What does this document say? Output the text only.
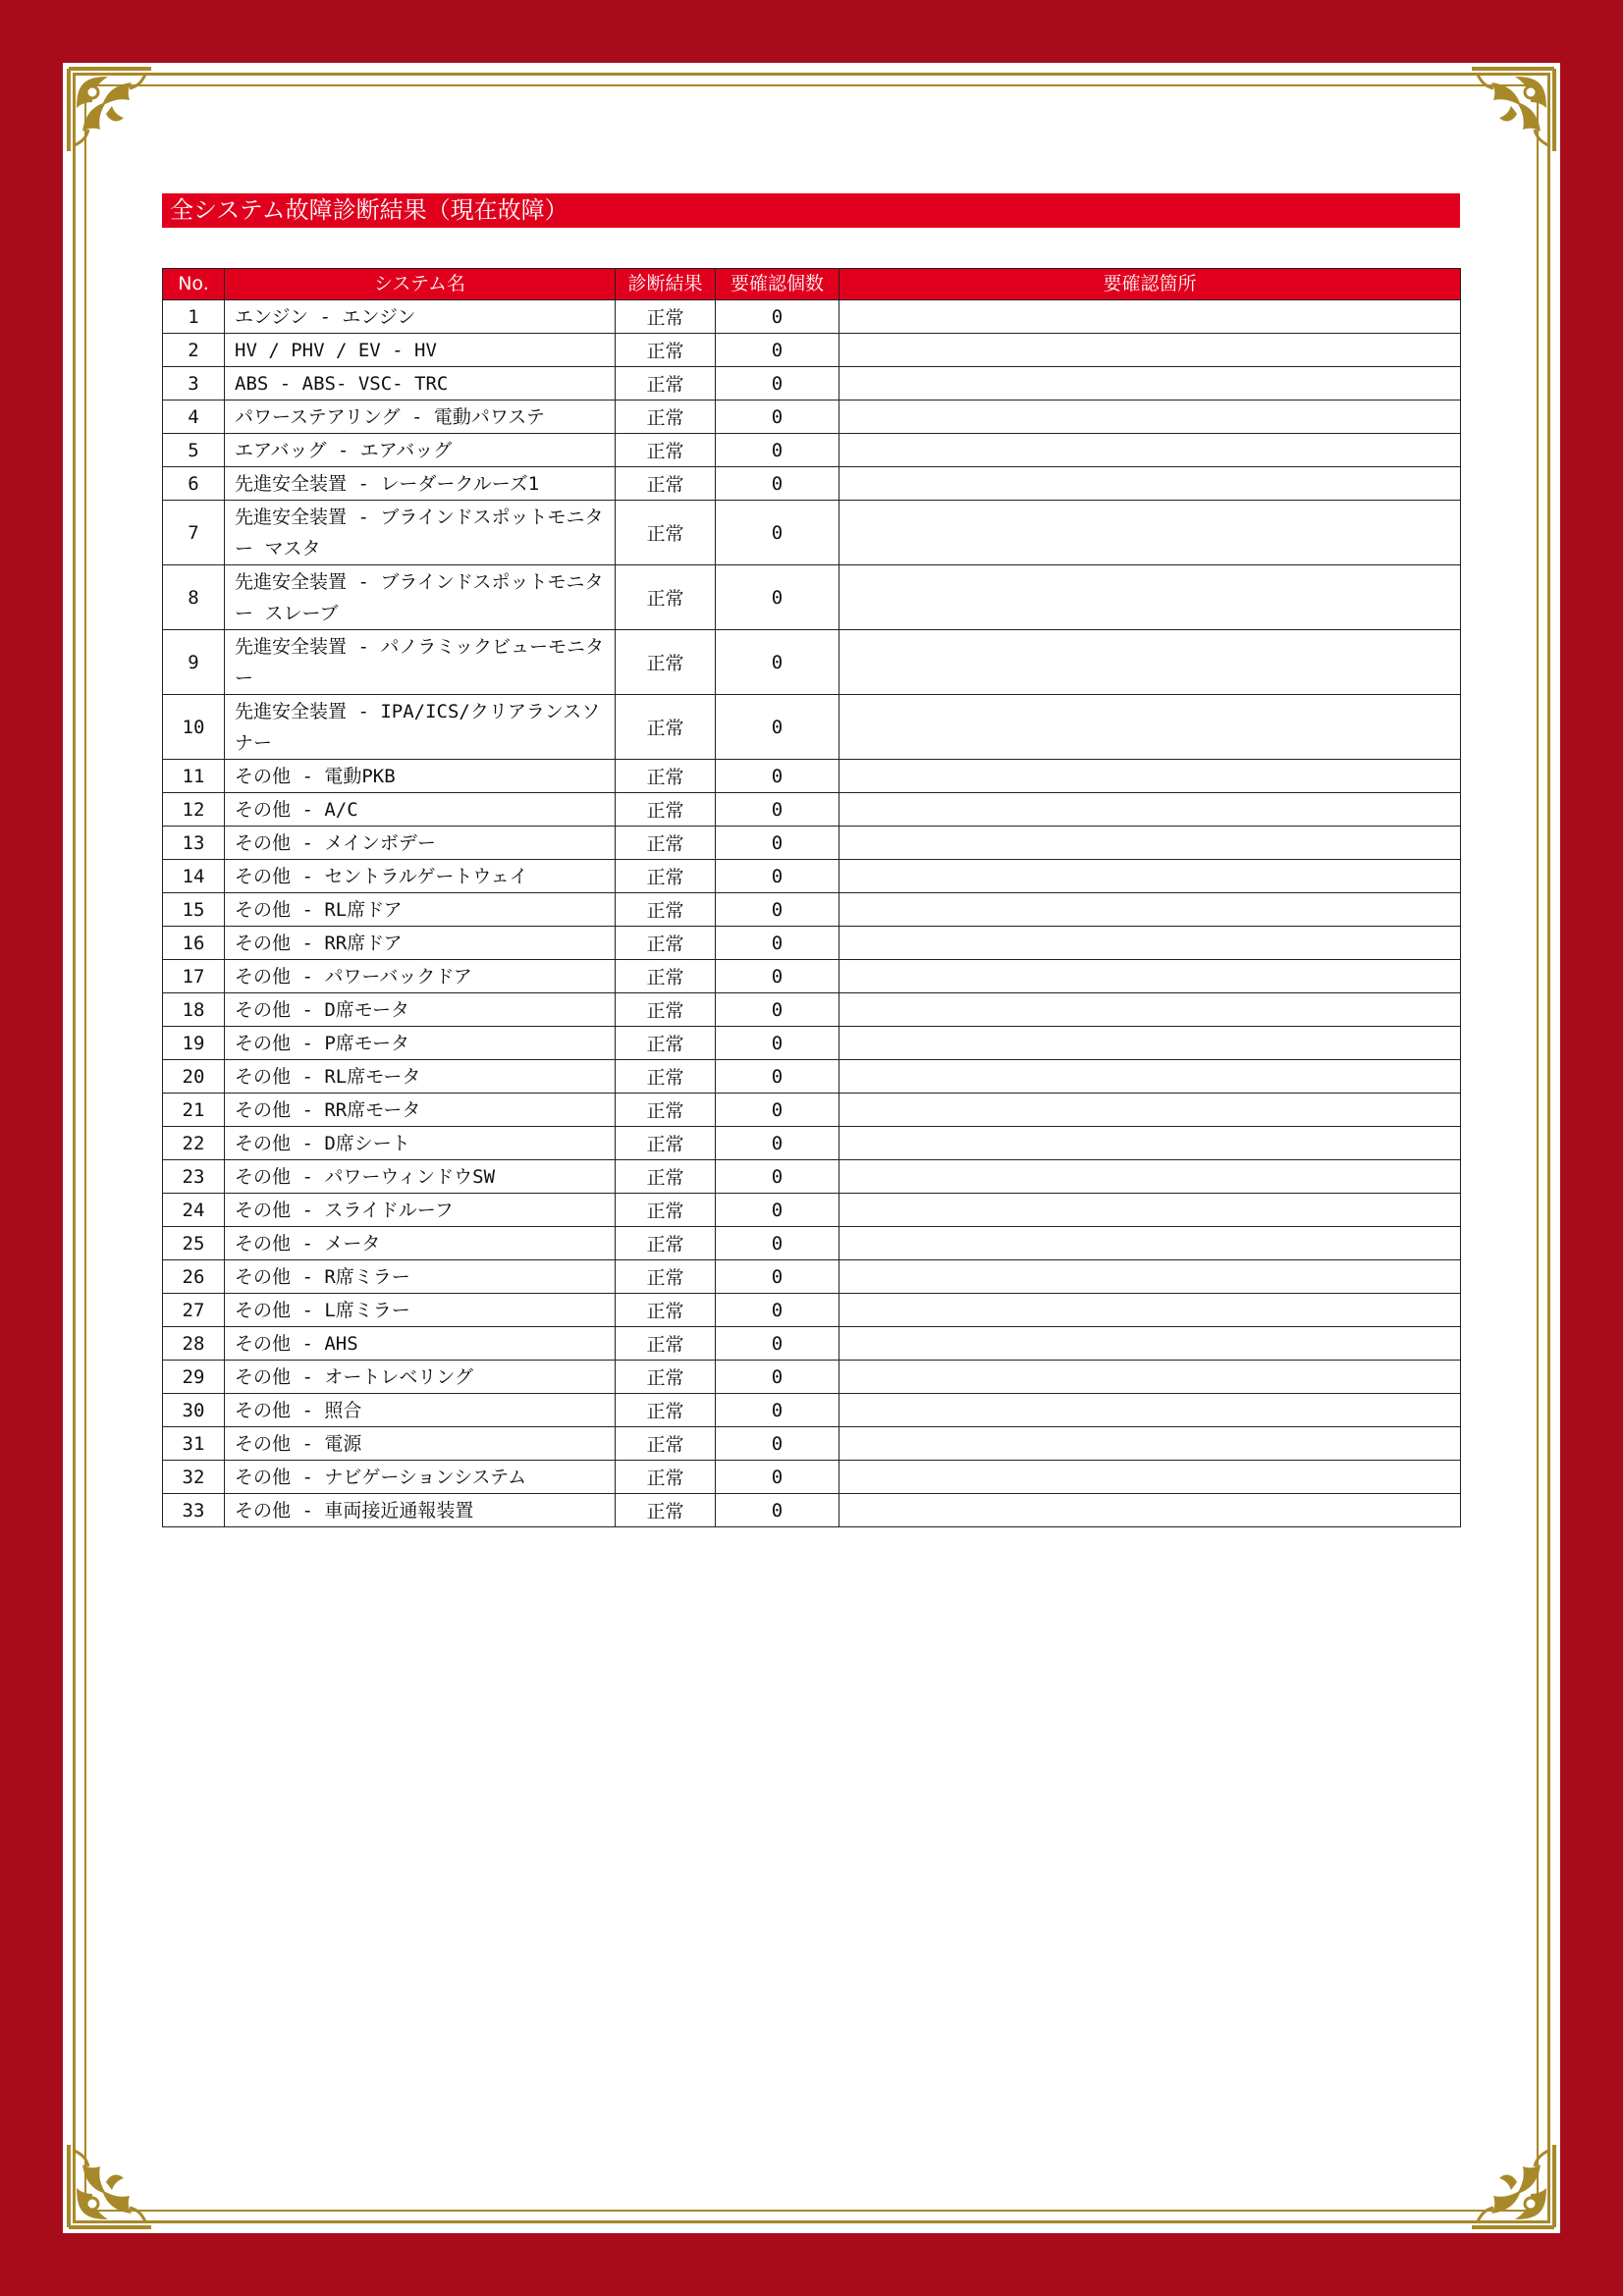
全システム故障診断結果（現在故障）
No.	システム名	診断結果	要確認個数	要確認箇所
1	エンジン - エンジン	正常	0	
2	HV / PHV / EV - HV	正常	0	
3	ABS - ABS- VSC- TRC	正常	0	
4	パワーステアリング - 電動パワステ	正常	0	
5	エアバッグ - エアバッグ	正常	0	
6	先進安全装置 - レーダークルーズ1	正常	0	
7	先進安全装置 - ブラインドスポットモニター マスタ	正常	0	
8	先進安全装置 - ブラインドスポットモニター スレーブ	正常	0	
9	先進安全装置 - パノラミックビューモニター	正常	0	
10	先進安全装置 - IPA/ICS/クリアランスソナー	正常	0	
11	その他 - 電動PKB	正常	0	
12	その他 - A/C	正常	0	
13	その他 - メインボデー	正常	0	
14	その他 - セントラルゲートウェイ	正常	0	
15	その他 - RL席ドア	正常	0	
16	その他 - RR席ドア	正常	0	
17	その他 - パワーバックドア	正常	0	
18	その他 - D席モータ	正常	0	
19	その他 - P席モータ	正常	0	
20	その他 - RL席モータ	正常	0	
21	その他 - RR席モータ	正常	0	
22	その他 - D席シート	正常	0	
23	その他 - パワーウィンドウSW	正常	0	
24	その他 - スライドルーフ	正常	0	
25	その他 - メータ	正常	0	
26	その他 - R席ミラー	正常	0	
27	その他 - L席ミラー	正常	0	
28	その他 - AHS	正常	0	
29	その他 - オートレベリング	正常	0	
30	その他 - 照合	正常	0	
31	その他 - 電源	正常	0	
32	その他 - ナビゲーションシステム	正常	0	
33	その他 - 車両接近通報装置	正常	0	
